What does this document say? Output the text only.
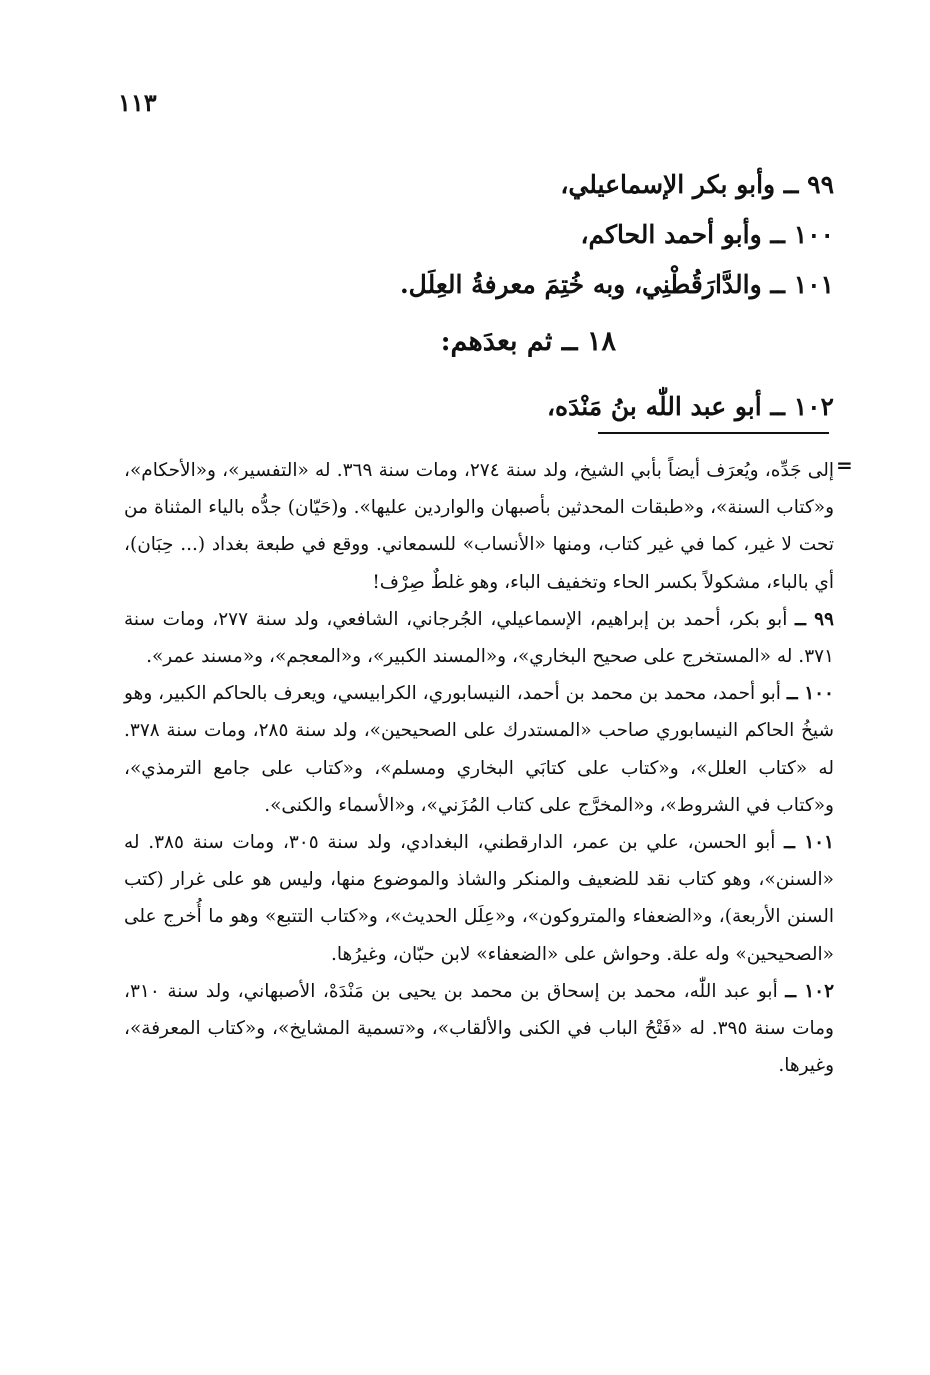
١١٣
٩٩ ــ وأبو بكر الإسماعيلي،
١٠٠ ــ وأبو أحمد الحاكم،
١٠١ ــ والدَّارَقُطْنِي، وبه خُتِمَ معرفةُ العِلَل.
١٨ ــ ثم بعدَهم:
١٠٢ ــ أبو عبد اللّٰه بنُ مَنْدَه،
=

إلى جَدِّه، ويُعرَف أيضاً بأبي الشيخ، ولد سنة ٢٧٤، ومات سنة ٣٦٩. له «التفسير»، و«الأحكام»، و«كتاب السنة»، و«طبقات المحدثين بأصبهان والواردين عليها». و(حَيّان) جدُّه بالياء المثناة من تحت لا غير، كما في غير كتاب، ومنها «الأنساب» للسمعاني. ووقع في طبعة بغداد (... حِبَان)، أي بالباء، مشكولاً بكسر الحاء وتخفيف الباء، وهو غلطٌ صِرْف!

٩٩ ــ أبو بكر، أحمد بن إبراهيم، الإسماعيلي، الجُرجاني، الشافعي، ولد سنة ٢٧٧، ومات سنة ٣٧١. له «المستخرج على صحيح البخاري»، و«المسند الكبير»، و«المعجم»، و«مسند عمر».

١٠٠ ــ أبو أحمد، محمد بن محمد بن أحمد، النيسابوري، الكرابيسي، ويعرف بالحاكم الكبير، وهو شيخُ الحاكم النيسابوري صاحب «المستدرك على الصحيحين»، ولد سنة ٢٨٥، ومات سنة ٣٧٨. له «كتاب العلل»، و«كتاب على كتابَي البخاري ومسلم»، و«كتاب على جامع الترمذي»، و«كتاب في الشروط»، و«المخرَّج على كتاب المُزَني»، و«الأسماء والكنى».

١٠١ ــ أبو الحسن، علي بن عمر، الدارقطني، البغدادي، ولد سنة ٣٠٥، ومات سنة ٣٨٥. له «السنن»، وهو كتاب نقد للضعيف والمنكر والشاذ والموضوع منها، وليس هو على غرار (كتب السنن الأربعة)، و«الضعفاء والمتروكون»، و«عِلَل الحديث»، و«كتاب التتبع» وهو ما أُخرج على «الصحيحين» وله علة. وحواش على «الضعفاء» لابن حبّان، وغيرُها.

١٠٢ ــ أبو عبد اللّٰه، محمد بن إسحاق بن محمد بن يحيى بن مَنْدَهْ، الأصبهاني، ولد سنة ٣١٠، ومات سنة ٣٩٥. له «فَتْحُ الباب في الكنى والألقاب»، و«تسمية المشايخ»، و«كتاب المعرفة»، وغيرها.
